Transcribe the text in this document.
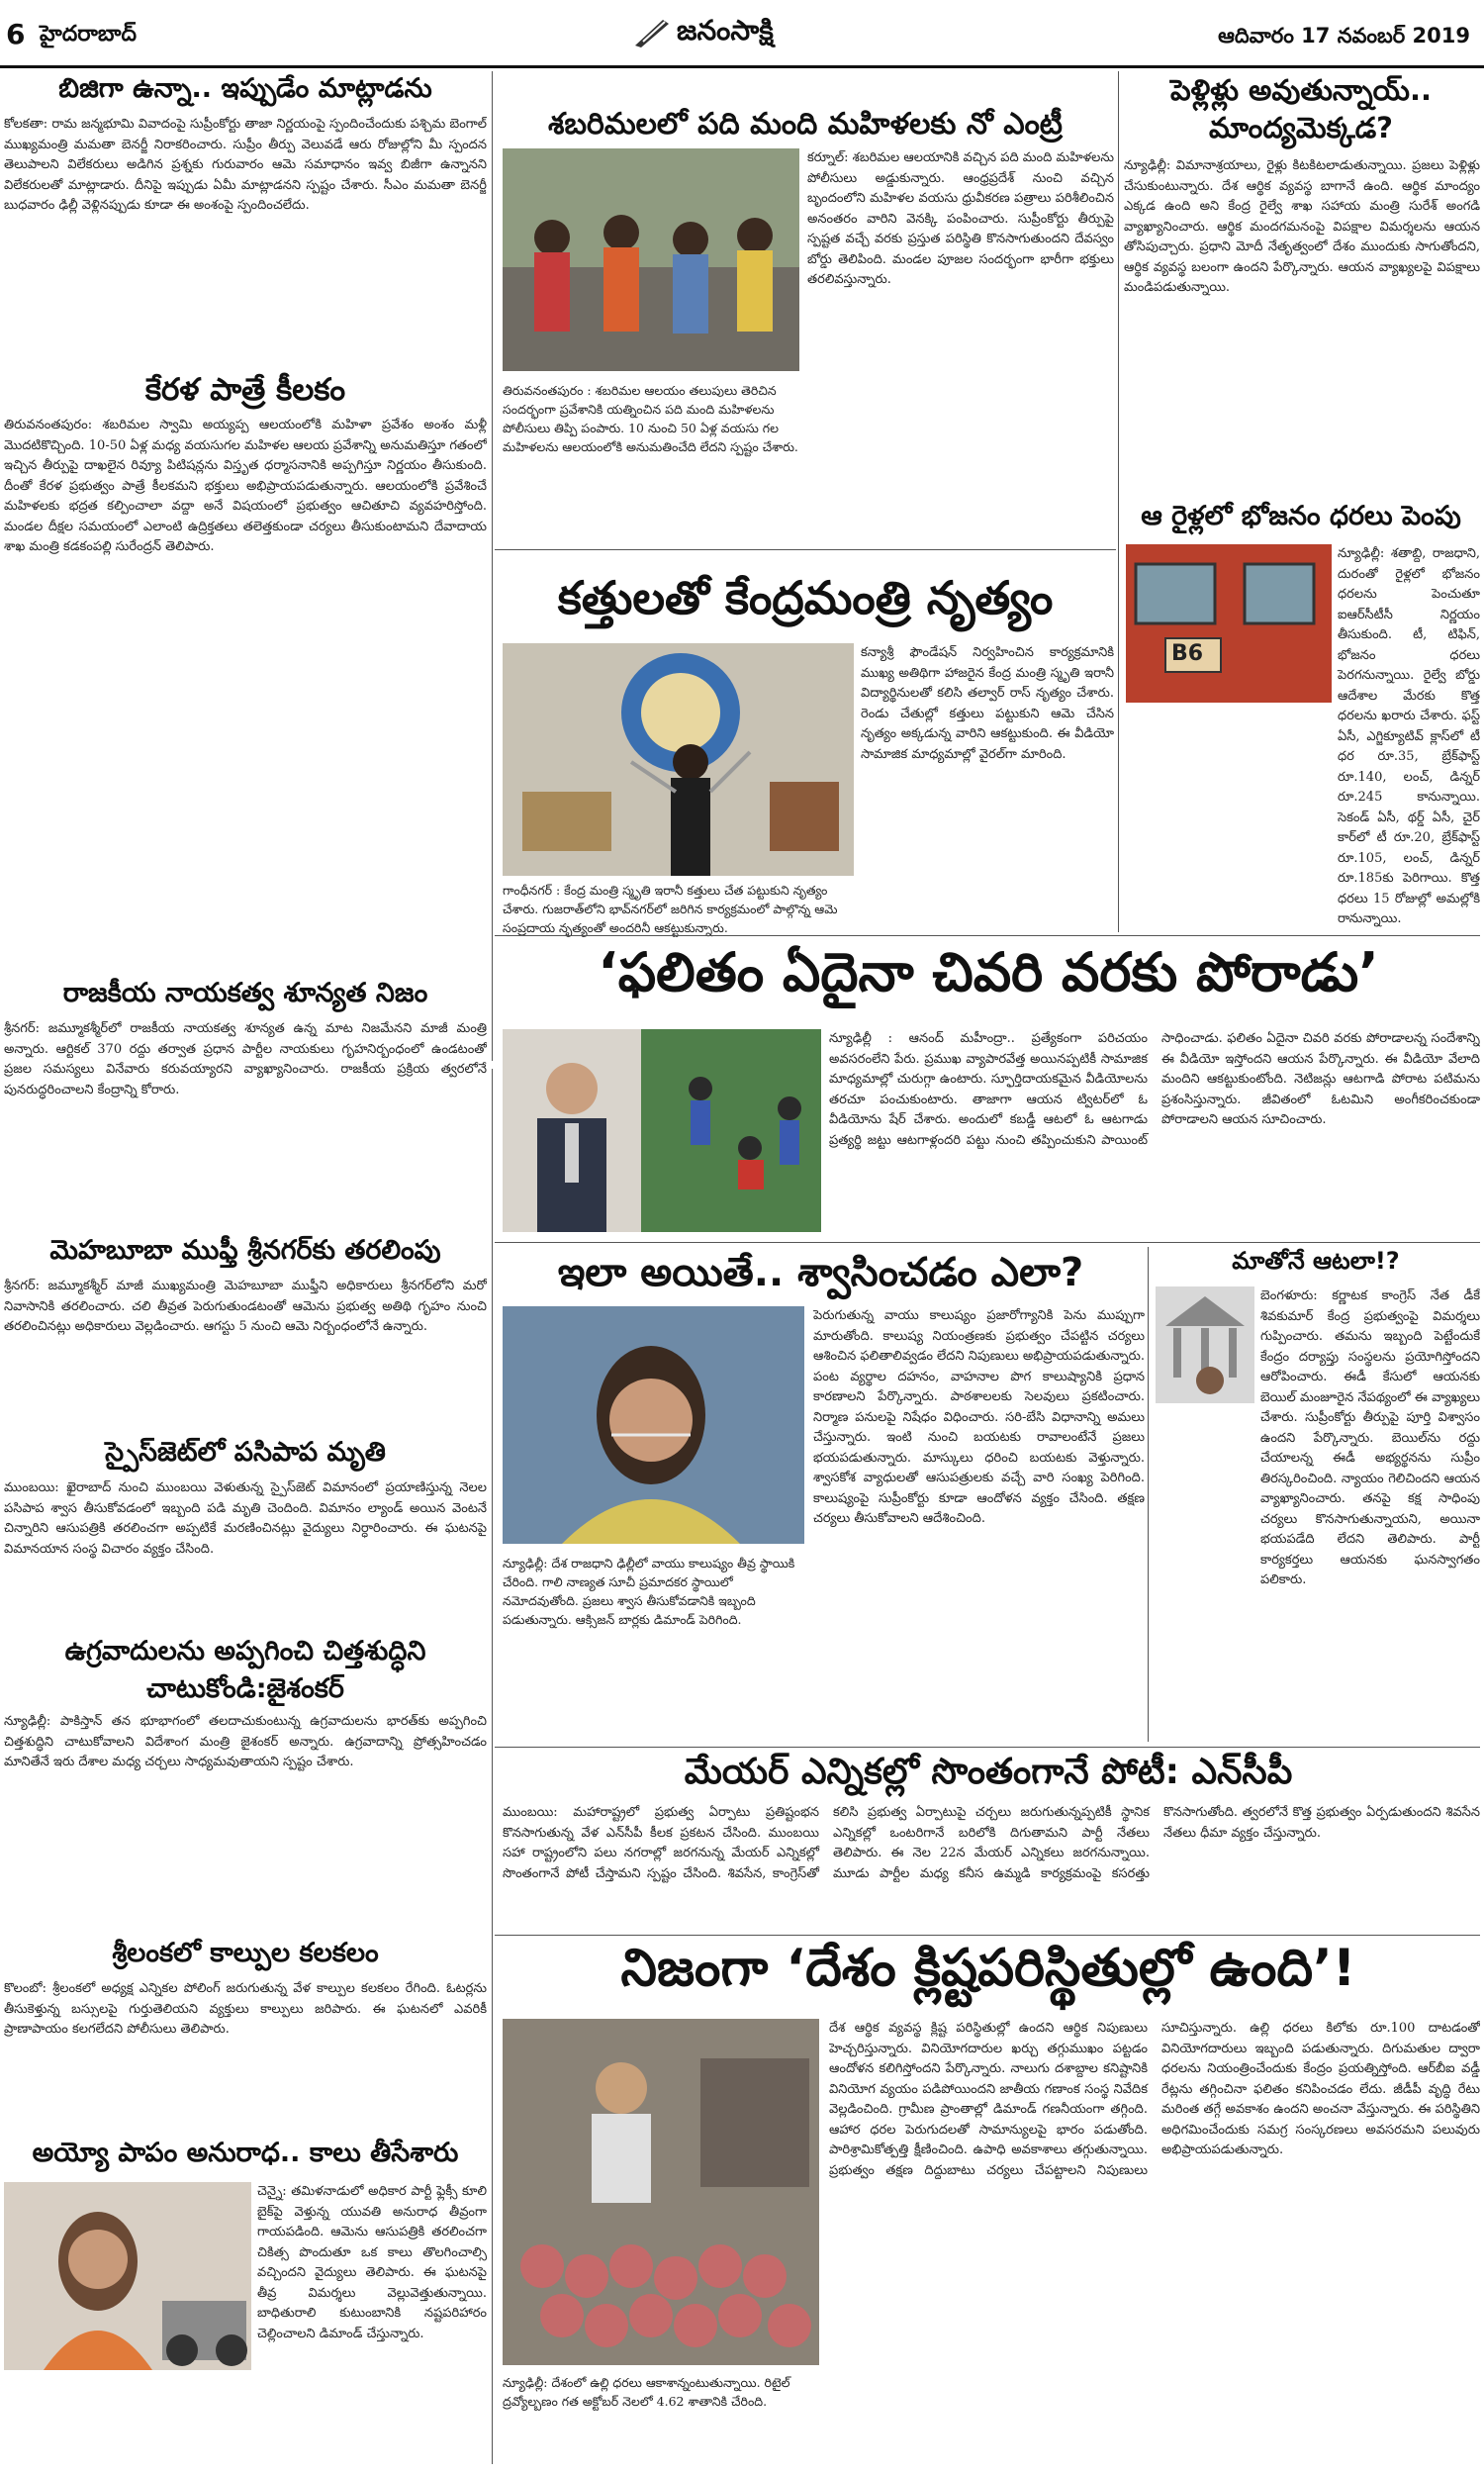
6 హైదరాబాద్	జనంసాక్షి	ఆదివారం 17 నవంబర్ 2019
బిజిగా ఉన్నా.. ఇప్పుడేం మాట్లాడను

కోలకతా: రామ జన్మభూమి వివాదంపై సుప్రీంకోర్టు తాజా నిర్ణయంపై స్పందించేందుకు పశ్చిమ బెంగాల్ ముఖ్యమంత్రి మమతా బెనర్జీ నిరాకరించారు. సుప్రీం తీర్పు వెలువడే ఆరు రోజుల్లోని మీ స్పందన తెలుపాలని విలేకరులు అడిగిన ప్రశ్నకు గురువారం ఆమె సమాధానం ఇవ్వ బిజీగా ఉన్నానని విలేకరులతో మాట్లాడారు. దీనిపై ఇప్పుడు ఏమీ మాట్లాడనని స్పష్టం చేశారు. సీఎం మమతా బెనర్జీ బుధవారం ఢిల్లీ వెళ్లినప్పుడు కూడా ఈ అంశంపై స్పందించలేదు.

కేరళ పాత్రే కీలకం

తిరువనంతపురం: శబరిమల స్వామి అయ్యప్ప ఆలయంలోకి మహిళా ప్రవేశం అంశం మళ్లీ మొదటికొచ్చింది. 10-50 ఏళ్ల మధ్య వయసుగల మహిళల ఆలయ ప్రవేశాన్ని అనుమతిస్తూ గతంలో ఇచ్చిన తీర్పుపై దాఖలైన రివ్యూ పిటిషన్లను విస్తృత ధర్మాసనానికి అప్పగిస్తూ నిర్ణయం తీసుకుంది. దీంతో కేరళ ప్రభుత్వం పాత్రే కీలకమని భక్తులు అభిప్రాయపడుతున్నారు. ఆలయంలోకి ప్రవేశించే మహిళలకు భద్రత కల్పించాలా వద్దా అనే విషయంలో ప్రభుత్వం ఆచితూచి వ్యవహరిస్తోంది. మండల దీక్షల సమయంలో ఎలాంటి ఉద్రిక్తతలు తలెత్తకుండా చర్యలు తీసుకుంటామని దేవాదాయ శాఖ మంత్రి కడకంపల్లి సురేంద్రన్ తెలిపారు.

రాజకీయ నాయకత్వ శూన్యత నిజం

శ్రీనగర్: జమ్మూకశ్మీర్‌లో రాజకీయ నాయకత్వ శూన్యత ఉన్న మాట నిజమేనని మాజీ మంత్రి అన్నారు. ఆర్టికల్ 370 రద్దు తర్వాత ప్రధాన పార్టీల నాయకులు గృహనిర్బంధంలో ఉండటంతో ప్రజల సమస్యలు వినేవారు కరువయ్యారని వ్యాఖ్యానించారు. రాజకీయ ప్రక్రియ త్వరలోనే పునరుద్ధరించాలని కేంద్రాన్ని కోరారు.

మెహబూబా ముఫ్తీ శ్రీనగర్‌కు తరలింపు

శ్రీనగర్: జమ్మూకశ్మీర్ మాజీ ముఖ్యమంత్రి మెహబూబా ముఫ్తీని అధికారులు శ్రీనగర్‌లోని మరో నివాసానికి తరలించారు. చలి తీవ్రత పెరుగుతుండటంతో ఆమెను ప్రభుత్వ అతిథి గృహం నుంచి తరలించినట్లు అధికారులు వెల్లడించారు. ఆగస్టు 5 నుంచి ఆమె నిర్బంధంలోనే ఉన్నారు.

స్పైస్‌జెట్‌లో పసిపాప మృతి

ముంబయి: ఖైరాబాద్ నుంచి ముంబయి వెళుతున్న స్పైస్‌జెట్ విమానంలో ప్రయాణిస్తున్న నెలల పసిపాప శ్వాస తీసుకోవడంలో ఇబ్బంది పడి మృతి చెందింది. విమానం ల్యాండ్ అయిన వెంటనే చిన్నారిని ఆసుపత్రికి తరలించగా అప్పటికే మరణించినట్లు వైద్యులు నిర్ధారించారు. ఈ ఘటనపై విమానయాన సంస్థ విచారం వ్యక్తం చేసింది.

ఉగ్రవాదులను అప్పగించి చిత్తశుద్ధిని చాటుకోండి:జైశంకర్

న్యూఢిల్లీ: పాకిస్తాన్ తన భూభాగంలో తలదాచుకుంటున్న ఉగ్రవాదులను భారత్‌కు అప్పగించి చిత్తశుద్ధిని చాటుకోవాలని విదేశాంగ మంత్రి జైశంకర్ అన్నారు. ఉగ్రవాదాన్ని ప్రోత్సహించడం మానితేనే ఇరు దేశాల మధ్య చర్చలు సాధ్యమవుతాయని స్పష్టం చేశారు.

శ్రీలంకలో కాల్పుల కలకలం

కొలంబో: శ్రీలంకలో అధ్యక్ష ఎన్నికల పోలింగ్ జరుగుతున్న వేళ కాల్పుల కలకలం రేగింది. ఓటర్లను తీసుకెళ్తున్న బస్సులపై గుర్తుతెలియని వ్యక్తులు కాల్పులు జరిపారు. ఈ ఘటనలో ఎవరికీ ప్రాణాపాయం కలగలేదని పోలీసులు తెలిపారు.

అయ్యో పాపం అనురాధ.. కాలు తీసేశారు

చెన్నై: తమిళనాడులో అధికార పార్టీ ఫ్లెక్సీ కూలి బైక్‌పై వెళ్తున్న యువతి అనురాధ తీవ్రంగా గాయపడింది. ఆమెను ఆసుపత్రికి తరలించగా చికిత్స పొందుతూ ఒక కాలు తొలగించాల్సి వచ్చిందని వైద్యులు తెలిపారు. ఈ ఘటనపై తీవ్ర విమర్శలు వెల్లువెత్తుతున్నాయి. బాధితురాలి కుటుంబానికి నష్టపరిహారం చెల్లించాలని డిమాండ్ చేస్తున్నారు.

శబరిమలలో పది మంది మహిళలకు నో ఎంట్రీ

కర్నూల్: శబరిమల ఆలయానికి వచ్చిన పది మంది మహిళలను పోలీసులు అడ్డుకున్నారు. ఆంధ్రప్రదేశ్ నుంచి వచ్చిన బృందంలోని మహిళల వయసు ధ్రువీకరణ పత్రాలు పరిశీలించిన అనంతరం వారిని వెనక్కి పంపించారు. సుప్రీంకోర్టు తీర్పుపై స్పష్టత వచ్చే వరకు ప్రస్తుత పరిస్థితి కొనసాగుతుందని దేవస్వం బోర్డు తెలిపింది. మండల పూజల సందర్భంగా భారీగా భక్తులు తరలివస్తున్నారు.

తిరువనంతపురం : శబరిమల ఆలయం తలుపులు తెరిచిన సందర్భంగా ప్రవేశానికి యత్నించిన పది మంది మహిళలను పోలీసులు తిప్పి పంపారు. 10 నుంచి 50 ఏళ్ల వయసు గల మహిళలను ఆలయంలోకి అనుమతించేది లేదని స్పష్టం చేశారు.

కత్తులతో కేంద్రమంత్రి నృత్యం

కన్యాశ్రీ ఫౌండేషన్ నిర్వహించిన కార్యక్రమానికి ముఖ్య అతిథిగా హాజరైన కేంద్ర మంత్రి స్మృతి ఇరానీ విద్యార్థినులతో కలిసి తల్వార్ రాస్ నృత్యం చేశారు. రెండు చేతుల్లో కత్తులు పట్టుకుని ఆమె చేసిన నృత్యం అక్కడున్న వారిని ఆకట్టుకుంది. ఈ వీడియో సామాజిక మాధ్యమాల్లో వైరల్‌గా మారింది.

గాంధీనగర్ : కేంద్ర మంత్రి స్మృతి ఇరానీ కత్తులు చేత పట్టుకుని నృత్యం చేశారు. గుజరాత్‌లోని భావ్‌నగర్‌లో జరిగిన కార్యక్రమంలో పాల్గొన్న ఆమె సంప్రదాయ నృత్యంతో అందరినీ ఆకట్టుకున్నారు.

పెళ్లిళ్లు అవుతున్నాయ్..
మాంద్యమెక్కడ?

న్యూఢిల్లీ: విమానాశ్రయాలు, రైళ్లు కిటకిటలాడుతున్నాయి. ప్రజలు పెళ్లిళ్లు చేసుకుంటున్నారు. దేశ ఆర్థిక వ్యవస్థ బాగానే ఉంది. ఆర్థిక మాంద్యం ఎక్కడ ఉంది అని కేంద్ర రైల్వే శాఖ సహాయ మంత్రి సురేశ్ అంగడి వ్యాఖ్యానించారు. ఆర్థిక మందగమనంపై విపక్షాల విమర్శలను ఆయన తోసిపుచ్చారు. ప్రధాని మోదీ నేతృత్వంలో దేశం ముందుకు సాగుతోందని, ఆర్థిక వ్యవస్థ బలంగా ఉందని పేర్కొన్నారు. ఆయన వ్యాఖ్యలపై విపక్షాలు మండిపడుతున్నాయి.

ఆ రైళ్లలో భోజనం ధరలు పెంపు
B6

న్యూఢిల్లీ: శతాబ్ది, రాజధాని, దురంతో రైళ్లలో భోజనం ధరలను పెంచుతూ ఐఆర్‌సీటీసీ నిర్ణయం తీసుకుంది. టీ, టిఫిన్, భోజనం ధరలు పెరగనున్నాయి. రైల్వే బోర్డు ఆదేశాల మేరకు కొత్త ధరలను ఖరారు చేశారు. ఫస్ట్ ఏసీ, ఎగ్జిక్యూటివ్ క్లాస్‌లో టీ ధర రూ.35, బ్రేక్‌ఫాస్ట్ రూ.140, లంచ్, డిన్నర్ రూ.245 కానున్నాయి. సెకండ్ ఏసీ, థర్డ్ ఏసీ, చైర్ కార్‌లో టీ రూ.20, బ్రేక్‌ఫాస్ట్ రూ.105, లంచ్, డిన్నర్ రూ.185కు పెరిగాయి. కొత్త ధరలు 15 రోజుల్లో అమల్లోకి రానున్నాయి.

‘ఫలితం ఏదైనా చివరి వరకు పోరాడు’

న్యూఢిల్లీ : ఆనంద్ మహీంద్రా.. ప్రత్యేకంగా పరిచయం అవసరంలేని పేరు. ప్రముఖ వ్యాపారవేత్త అయినప్పటికీ సామాజిక మాధ్యమాల్లో చురుగ్గా ఉంటారు. స్ఫూర్తిదాయకమైన వీడియోలను తరచూ పంచుకుంటారు. తాజాగా ఆయన ట్విటర్‌లో ఓ వీడియోను షేర్ చేశారు. అందులో కబడ్డీ ఆటలో ఓ ఆటగాడు ప్రత్యర్థి జట్టు ఆటగాళ్లందరి పట్టు నుంచి తప్పించుకుని పాయింట్ సాధించాడు. ఫలితం ఏదైనా చివరి వరకు పోరాడాలన్న సందేశాన్ని ఈ వీడియో ఇస్తోందని ఆయన పేర్కొన్నారు. ఈ వీడియో వేలాది మందిని ఆకట్టుకుంటోంది. నెటిజన్లు ఆటగాడి పోరాట పటిమను ప్రశంసిస్తున్నారు. జీవితంలో ఓటమిని అంగీకరించకుండా పోరాడాలని ఆయన సూచించారు.

ఇలా అయితే.. శ్వాసించడం ఎలా?

పెరుగుతున్న వాయు కాలుష్యం ప్రజారోగ్యానికి పెను ముప్పుగా మారుతోంది. కాలుష్య నియంత్రణకు ప్రభుత్వం చేపట్టిన చర్యలు ఆశించిన ఫలితాలివ్వడం లేదని నిపుణులు అభిప్రాయపడుతున్నారు. పంట వ్యర్థాల దహనం, వాహనాల పొగ కాలుష్యానికి ప్రధాన కారణాలని పేర్కొన్నారు. పాఠశాలలకు సెలవులు ప్రకటించారు. నిర్మాణ పనులపై నిషేధం విధించారు. సరి-బేసి విధానాన్ని అమలు చేస్తున్నారు. ఇంటి నుంచి బయటకు రావాలంటేనే ప్రజలు భయపడుతున్నారు. మాస్కులు ధరించి బయటకు వెళ్తున్నారు. శ్వాసకోశ వ్యాధులతో ఆసుపత్రులకు వచ్చే వారి సంఖ్య పెరిగింది. కాలుష్యంపై సుప్రీంకోర్టు కూడా ఆందోళన వ్యక్తం చేసింది. తక్షణ చర్యలు తీసుకోవాలని ఆదేశించింది.

న్యూఢిల్లీ: దేశ రాజధాని ఢిల్లీలో వాయు కాలుష్యం తీవ్ర స్థాయికి చేరింది. గాలి నాణ్యత సూచీ ప్రమాదకర స్థాయిలో నమోదవుతోంది. ప్రజలు శ్వాస తీసుకోవడానికి ఇబ్బంది పడుతున్నారు. ఆక్సిజన్ బార్లకు డిమాండ్ పెరిగింది.

మాతోనే ఆటలా!?

బెంగళూరు: కర్ణాటక కాంగ్రెస్ నేత డీకే శివకుమార్ కేంద్ర ప్రభుత్వంపై విమర్శలు గుప్పించారు. తమను ఇబ్బంది పెట్టేందుకే కేంద్రం దర్యాప్తు సంస్థలను ప్రయోగిస్తోందని ఆరోపించారు. ఈడీ కేసులో ఆయనకు బెయిల్ మంజూరైన నేపథ్యంలో ఈ వ్యాఖ్యలు చేశారు. సుప్రీంకోర్టు తీర్పుపై పూర్తి విశ్వాసం ఉందని పేర్కొన్నారు. బెయిల్‌ను రద్దు చేయాలన్న ఈడీ అభ్యర్థనను సుప్రీం తిరస్కరించింది. న్యాయం గెలిచిందని ఆయన వ్యాఖ్యానించారు. తనపై కక్ష సాధింపు చర్యలు కొనసాగుతున్నాయని, అయినా భయపడేది లేదని తెలిపారు. పార్టీ కార్యకర్తలు ఆయనకు ఘనస్వాగతం పలికారు.

మేయర్ ఎన్నికల్లో సొంతంగానే పోటీ: ఎన్‌సీపీ

ముంబయి: మహారాష్ట్రలో ప్రభుత్వ ఏర్పాటు ప్రతిష్టంభన కొనసాగుతున్న వేళ ఎన్‌సీపీ కీలక ప్రకటన చేసింది. ముంబయి సహా రాష్ట్రంలోని పలు నగరాల్లో జరగనున్న మేయర్ ఎన్నికల్లో సొంతంగానే పోటీ చేస్తామని స్పష్టం చేసింది. శివసేన, కాంగ్రెస్‌తో కలిసి ప్రభుత్వ ఏర్పాటుపై చర్చలు జరుగుతున్నప్పటికీ స్థానిక ఎన్నికల్లో ఒంటరిగానే బరిలోకి దిగుతామని పార్టీ నేతలు తెలిపారు. ఈ నెల 22న మేయర్ ఎన్నికలు జరగనున్నాయి. మూడు పార్టీల మధ్య కనీస ఉమ్మడి కార్యక్రమంపై కసరత్తు కొనసాగుతోంది. త్వరలోనే కొత్త ప్రభుత్వం ఏర్పడుతుందని శివసేన నేతలు ధీమా వ్యక్తం చేస్తున్నారు.

నిజంగా ‘దేశం క్లిష్టపరిస్థితుల్లో ఉంది’!

న్యూఢిల్లీ: దేశంలో ఉల్లి ధరలు ఆకాశాన్నంటుతున్నాయి. రిటైల్ ద్రవ్యోల్బణం గత అక్టోబర్ నెలలో 4.62 శాతానికి చేరింది.

దేశ ఆర్థిక వ్యవస్థ క్లిష్ట పరిస్థితుల్లో ఉందని ఆర్థిక నిపుణులు హెచ్చరిస్తున్నారు. వినియోగదారుల ఖర్చు తగ్గుముఖం పట్టడం ఆందోళన కలిగిస్తోందని పేర్కొన్నారు. నాలుగు దశాబ్దాల కనిష్టానికి వినియోగ వ్యయం పడిపోయిందని జాతీయ గణాంక సంస్థ నివేదిక వెల్లడించింది. గ్రామీణ ప్రాంతాల్లో డిమాండ్ గణనీయంగా తగ్గింది. ఆహార ధరల పెరుగుదలతో సామాన్యులపై భారం పడుతోంది. పారిశ్రామికోత్పత్తి క్షీణించింది. ఉపాధి అవకాశాలు తగ్గుతున్నాయి. ప్రభుత్వం తక్షణ దిద్దుబాటు చర్యలు చేపట్టాలని నిపుణులు సూచిస్తున్నారు. ఉల్లి ధరలు కిలోకు రూ.100 దాటడంతో వినియోగదారులు ఇబ్బంది పడుతున్నారు. దిగుమతుల ద్వారా ధరలను నియంత్రించేందుకు కేంద్రం ప్రయత్నిస్తోంది. ఆర్‌బీఐ వడ్డీ రేట్లను తగ్గించినా ఫలితం కనిపించడం లేదు. జీడీపీ వృద్ధి రేటు మరింత తగ్గే అవకాశం ఉందని అంచనా వేస్తున్నారు. ఈ పరిస్థితిని అధిగమించేందుకు సమగ్ర సంస్కరణలు అవసరమని పలువురు అభిప్రాయపడుతున్నారు.
